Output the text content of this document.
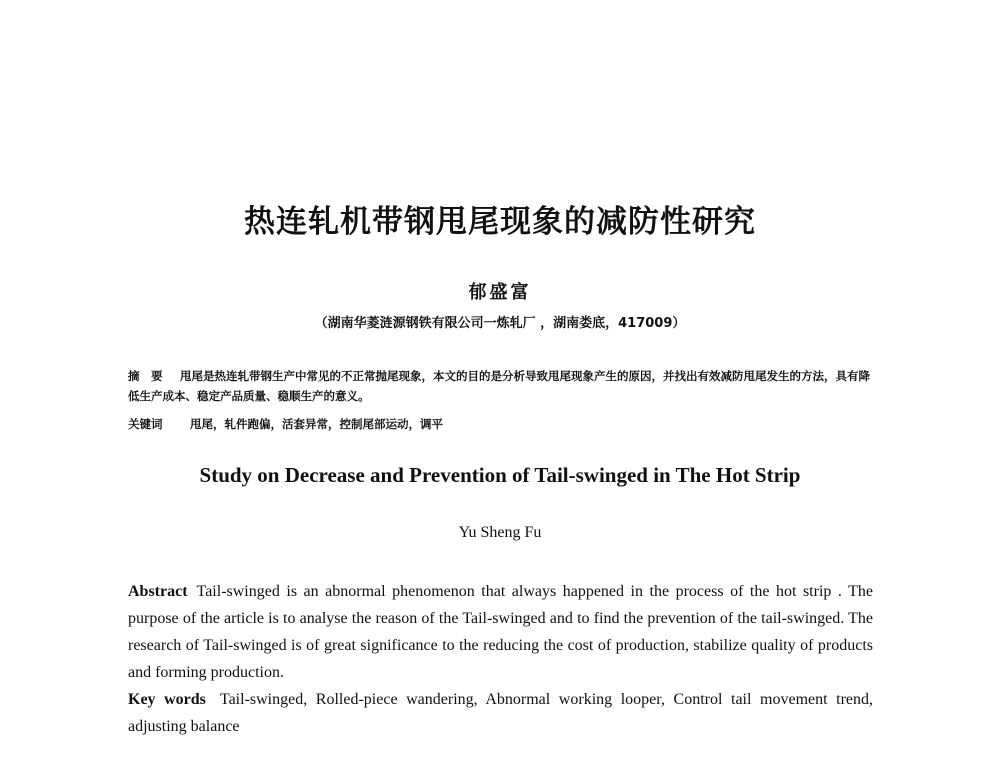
热连轧机带钢甩尾现象的减防性研究
郁盛富
（湖南华菱涟源钢铁有限公司一炼轧厂 ，湖南娄底，417009）
摘　要 甩尾是热连轧带钢生产中常见的不正常抛尾现象，本文的目的是分析导致甩尾现象产生的原因，并找出有效减防甩尾发生的方法，具有降低生产成本、稳定产品质量、稳顺生产的意义。
关键词 甩尾，轧件跑偏，活套异常，控制尾部运动，调平
Study on Decrease and Prevention of Tail-swinged in The Hot Strip
Yu Sheng Fu
Abstract Tail-swinged is an abnormal phenomenon that always happened in the process of the hot strip . The purpose of the article is to analyse the reason of the Tail-swinged and to find the prevention of the tail-swinged. The research of Tail-swinged is of great significance to the reducing the cost of production, stabilize quality of products and forming production.
Key words Tail-swinged, Rolled-piece wandering, Abnormal working looper, Control tail movement trend, adjusting balance
